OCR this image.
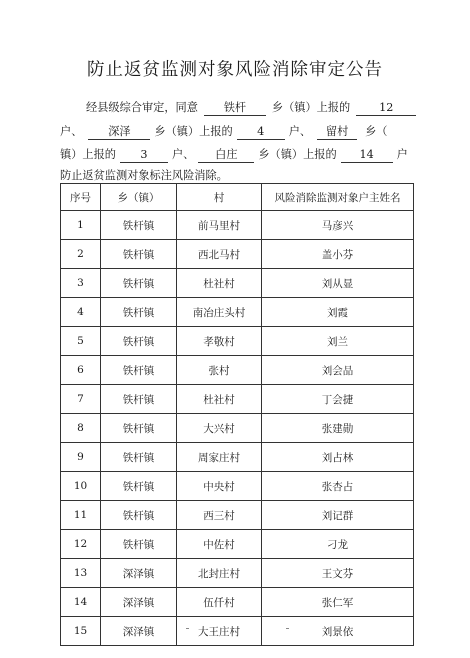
防止返贫监测对象风险消除审定公告
经县级综合审定，同意 铁杆 乡（镇）上报的	12
户、 深泽 乡（镇）上报的 4 户、 留村 乡（
镇）上报的 3 户、 白庄 乡（镇）上报的 14 户
防止返贫监测对象标注风险消除。
序号	乡（镇）	村	风险消除监测对象户主姓名
1	铁杆镇	前马里村	马彦兴
2	铁杆镇	西北马村	盖小芬
3	铁杆镇	杜社村	刘从显
4	铁杆镇	南冶庄头村	刘霞
5	铁杆镇	孝敬村	刘兰
6	铁杆镇	张村	刘会品
7	铁杆镇	杜社村	丁会捷
8	铁杆镇	大兴村	张建勋
9	铁杆镇	周家庄村	刘占林
10	铁杆镇	中央村	张杏占
11	铁杆镇	西三村	刘记群
12	铁杆镇	中佐村	刁龙
13	深泽镇	北封庄村	王文芬
14	深泽镇	伍仟村	张仁军
15	深泽镇	大王庄村	刘景依
